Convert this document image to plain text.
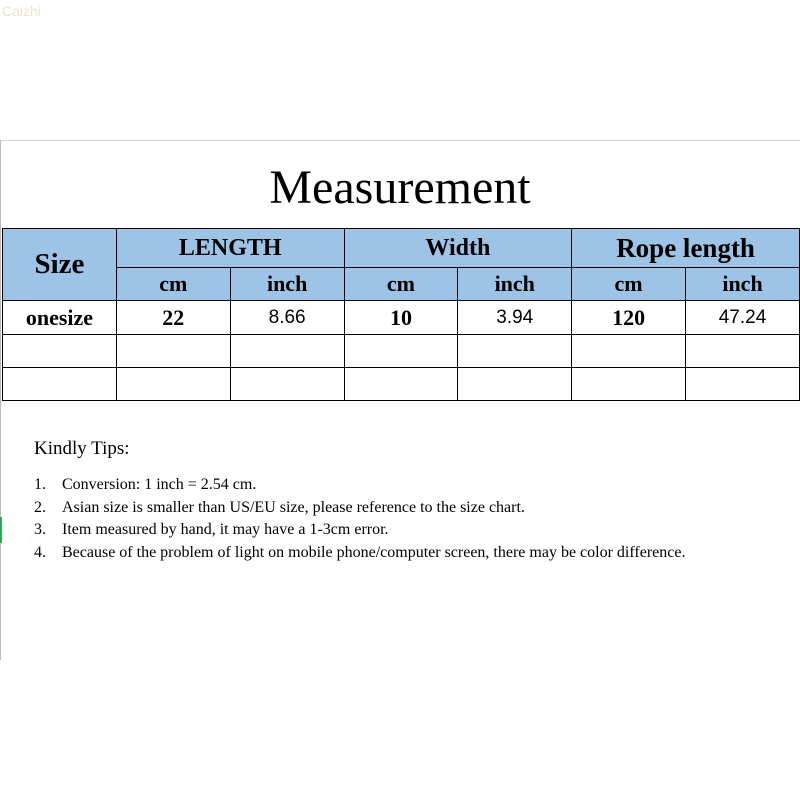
Caizhi
Measurement
Size	LENGTH		Width		Rope length	
	cm	inch	cm	inch	cm	inch
onesize	22	8.66	10	3.94	120	47.24

Kindly Tips:
1. Conversion: 1 inch = 2.54 cm.
2. Asian size is smaller than US/EU size, please reference to the size chart.
3. Item measured by hand, it may have a 1-3cm error.
4. Because of the problem of light on mobile phone/computer screen, there may be color difference.
